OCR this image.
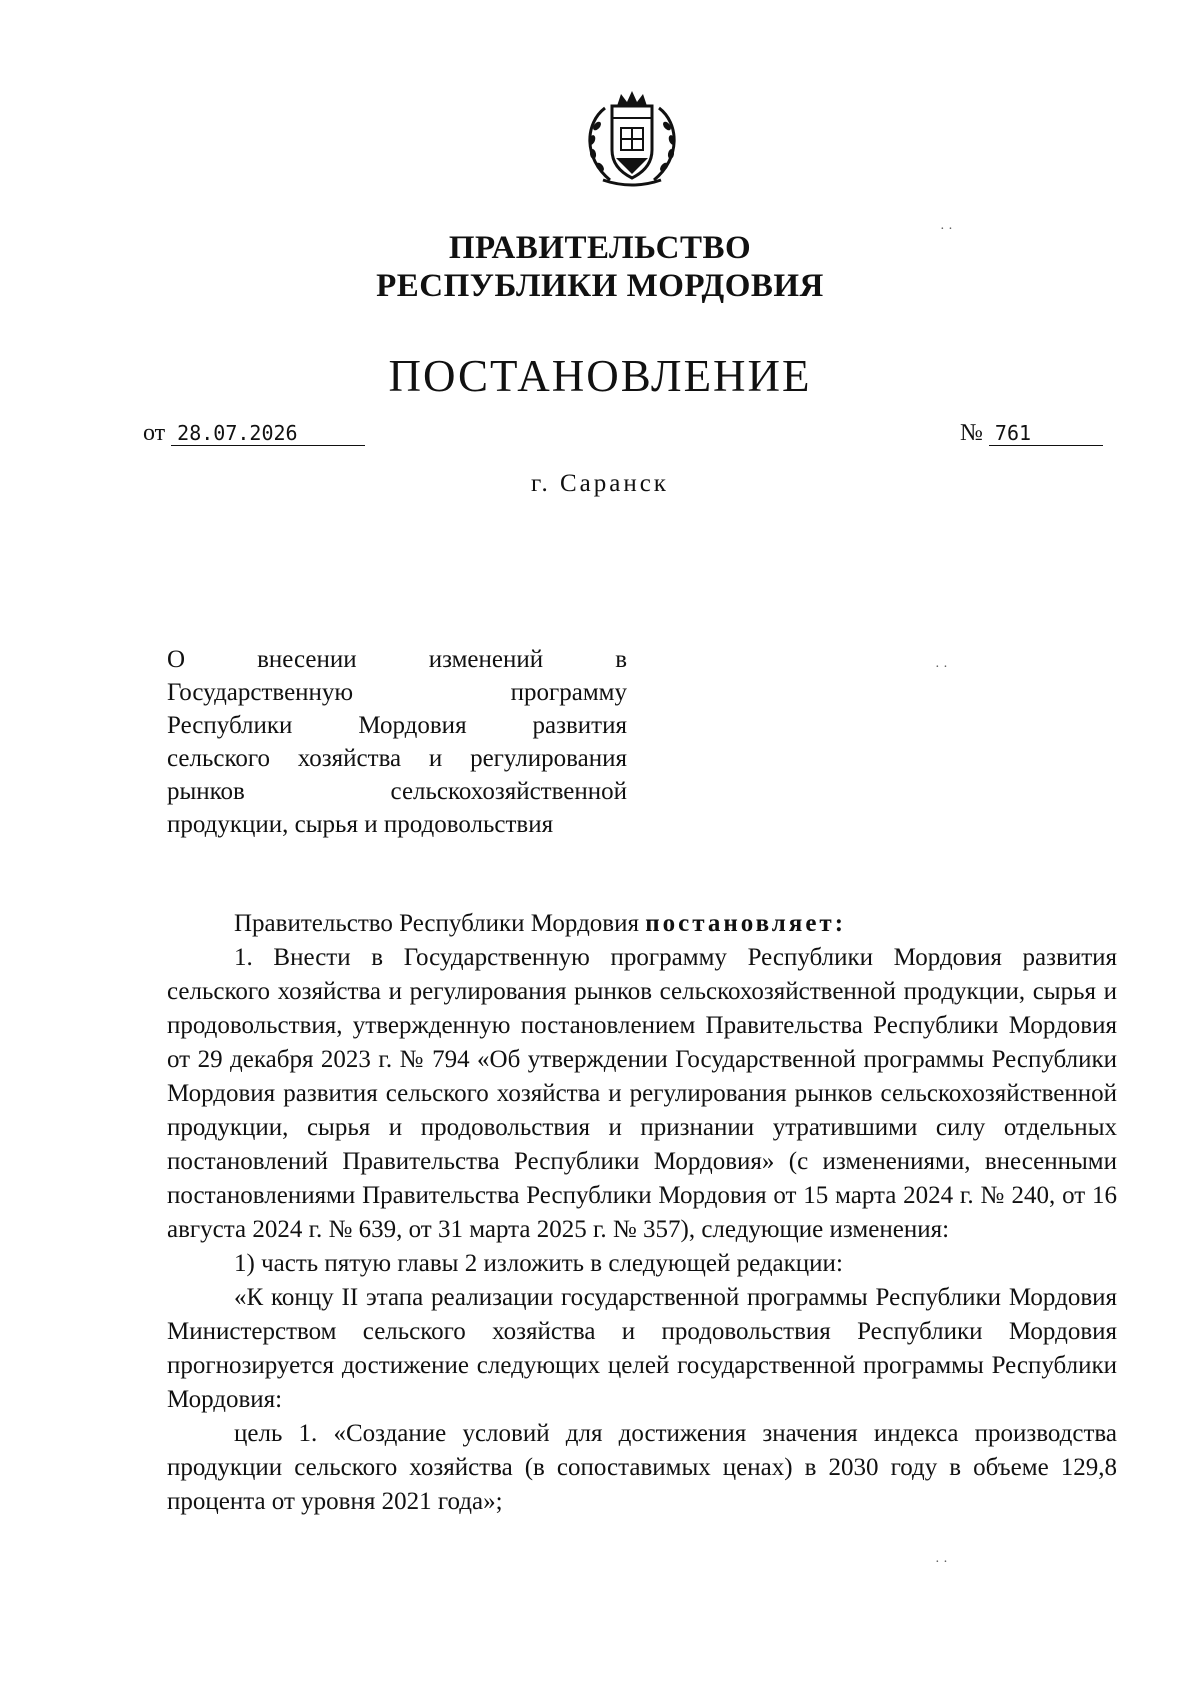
ПРАВИТЕЛЬСТВО
РЕСПУБЛИКИ МОРДОВИЯ
ПОСТАНОВЛЕНИЕ
от 28.07.2026	№ 761
г. Саранск
О внесении изменений в
Государственную программу
Республики Мордовия развития
сельского хозяйства и регулирования
рынков сельскохозяйственной
продукции, сырья и продовольствия

Правительство Республики Мордовия постановляет:

1. Внести в Государственную программу Республики Мордовия развития сельского хозяйства и регулирования рынков сельскохозяйственной продукции, сырья и продовольствия, утвержденную постановлением Правительства Республики Мордовия от 29 декабря 2023 г. № 794 «Об утверждении Государственной программы Республики Мордовия развития сельского хозяйства и регулирования рынков сельскохозяйственной продукции, сырья и продовольствия и признании утратившими силу отдельных постановлений Правительства Республики Мордовия» (с изменениями, внесенными постановлениями Правительства Республики Мордовия от 15 марта 2024 г. № 240, от 16 августа 2024 г. № 639, от 31 марта 2025 г. № 357), следующие изменения:

1) часть пятую главы 2 изложить в следующей редакции:

«К концу II этапа реализации государственной программы Республики Мордовия Министерством сельского хозяйства и продовольствия Республики Мордовия прогнозируется достижение следующих целей государственной программы Республики Мордовия:

цель 1. «Создание условий для достижения значения индекса производства продукции сельского хозяйства (в сопоставимых ценах) в 2030 году в объеме 129,8 процента от уровня 2021 года»;

· ·
· ·
· ·
